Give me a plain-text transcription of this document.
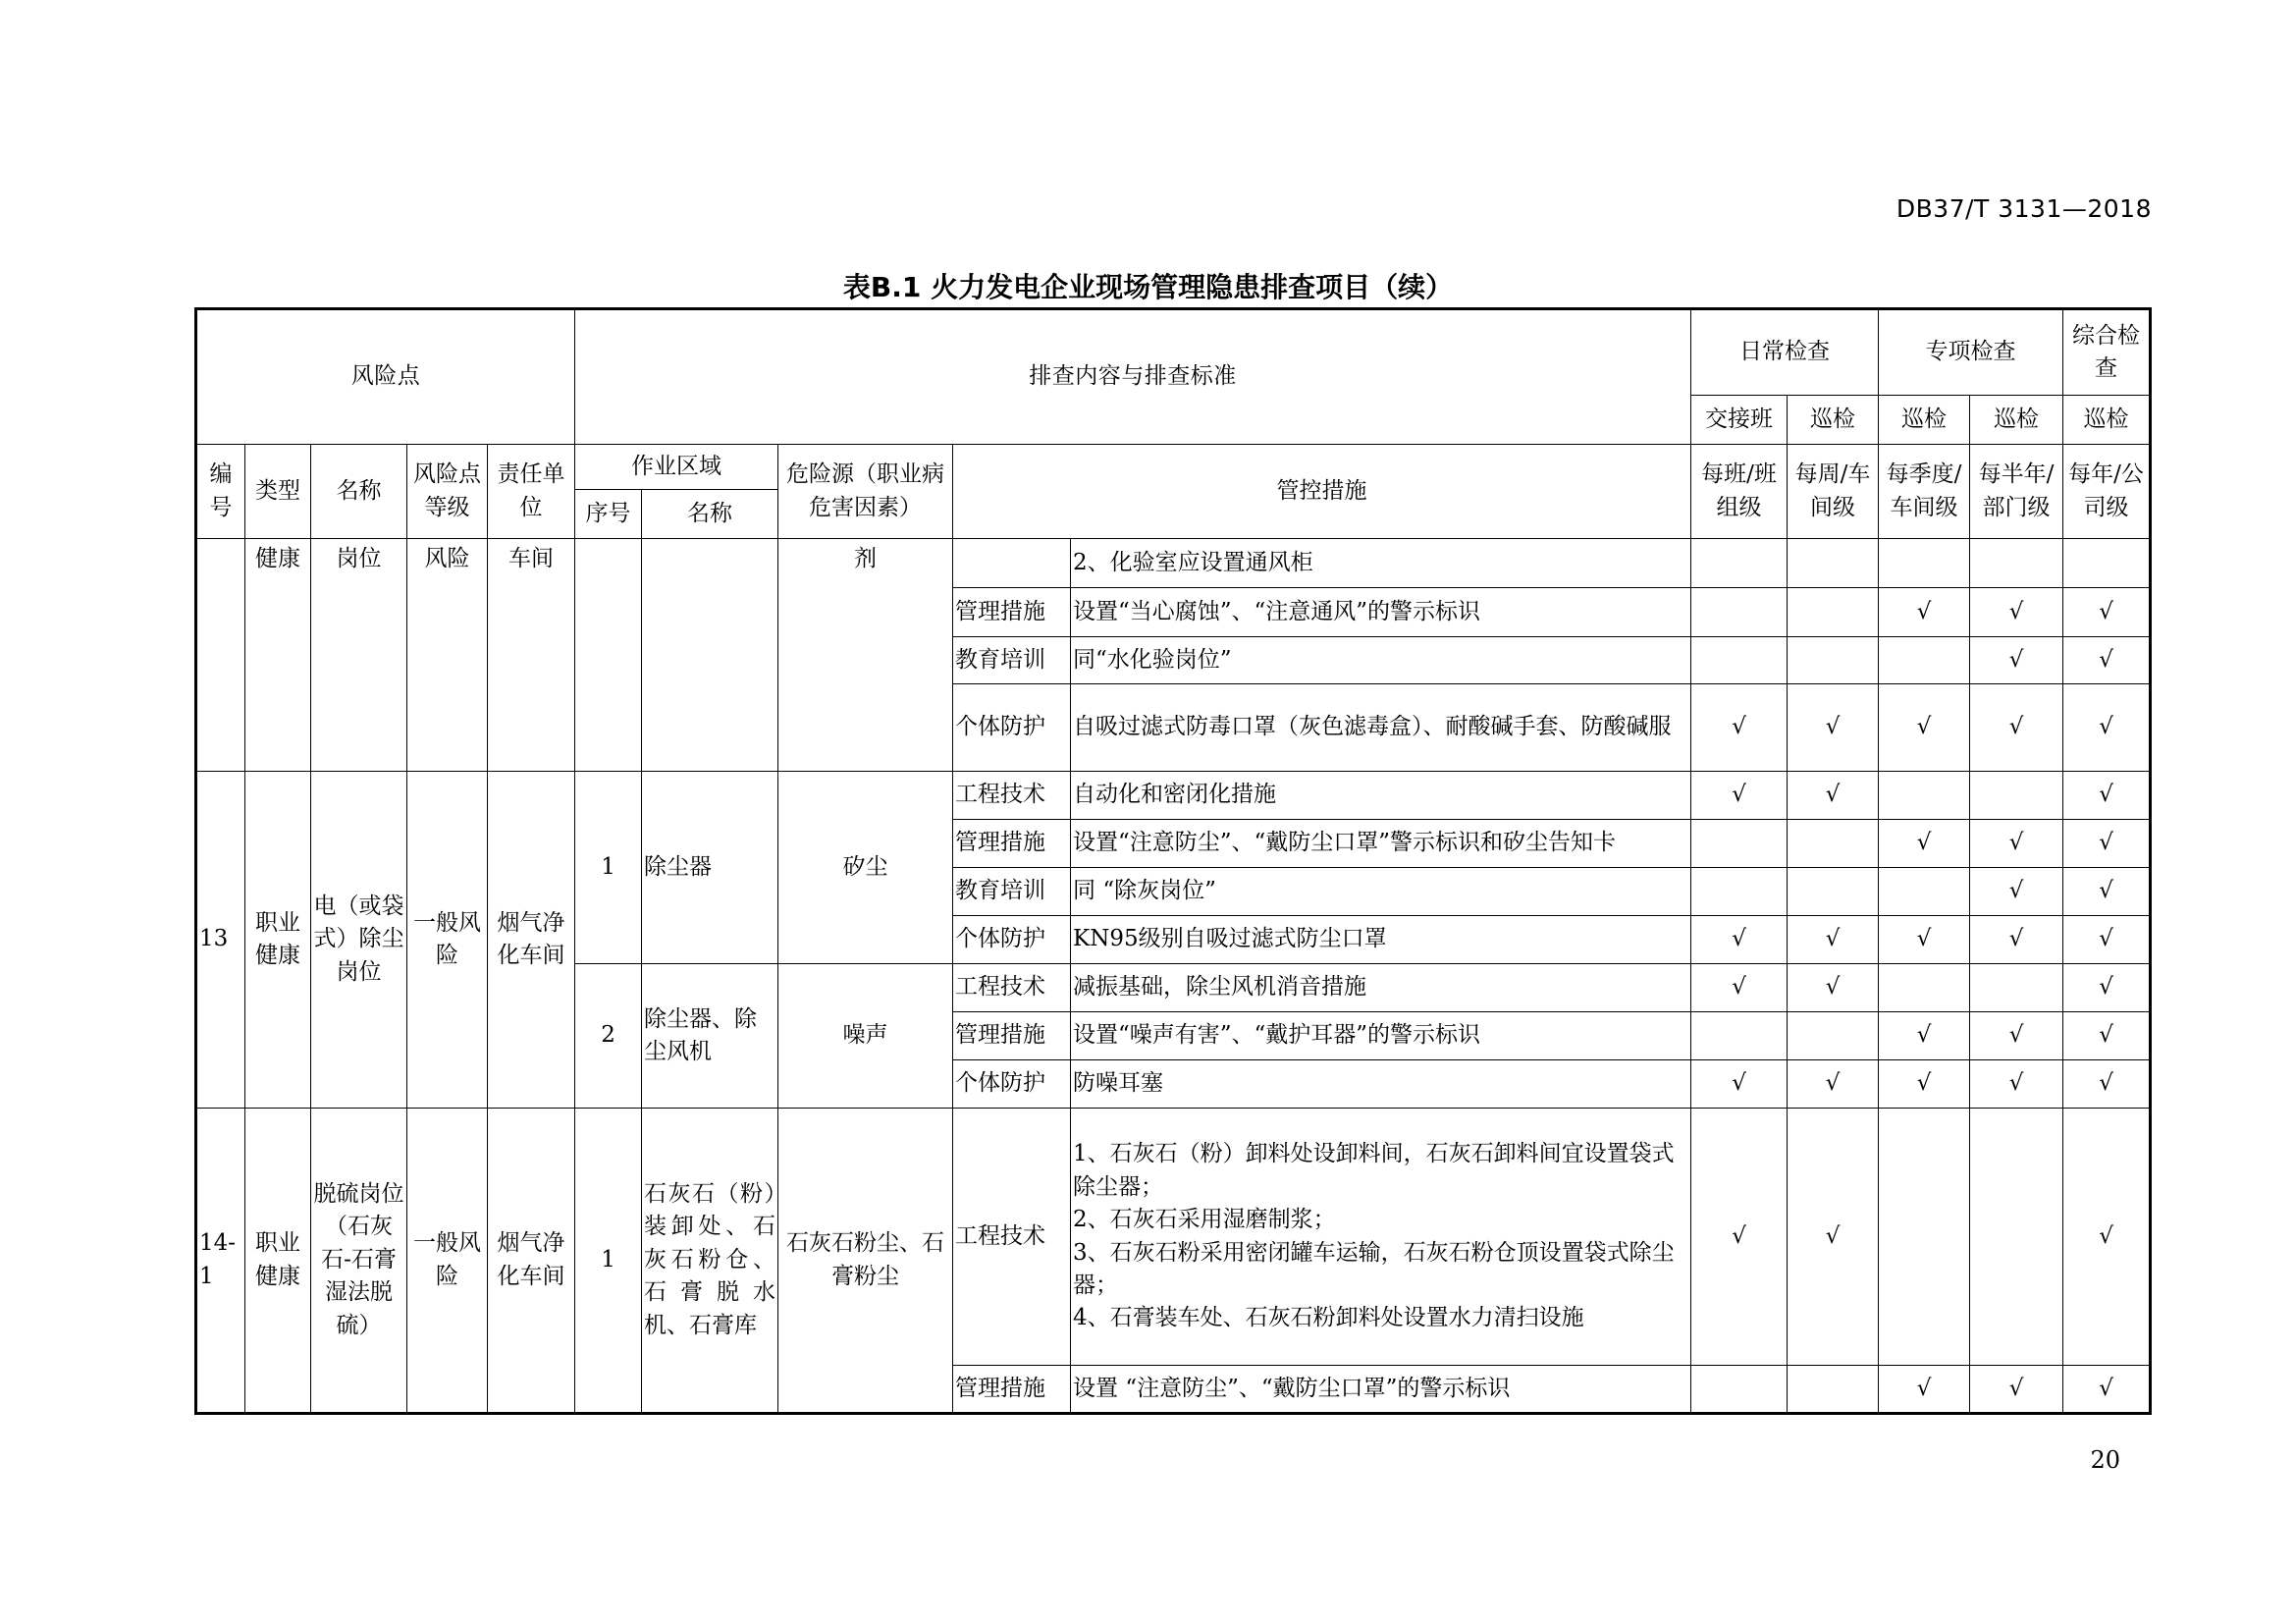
DB37/T 3131—2018
表B.1 火力发电企业现场管理隐患排查项目（续）
风险点					排查内容与排查标准					日常检查		专项检查		综合检查
										交接班	巡检	巡检	巡检	巡检
编号	类型	名称	风险点等级	责任单位	作业区域		危险源（职业病危害因素）	管控措施		每班/班组级	每周/车间级	每季度/车间级	每半年/部门级	每年/公司级
					序号	名称								
	健康	岗位	风险	车间			剂		2、化验室应设置通风柜					
								管理措施	设置“当心腐蚀”、“注意通风”的警示标识			√	√	√
								教育培训	同“水化验岗位”				√	√
								个体防护	自吸过滤式防毒口罩（灰色滤毒盒）、耐酸碱手套、防酸碱服	√	√	√	√	√
13	职业健康	电（或袋式）除尘岗位	一般风险	烟气净化车间	1	除尘器	矽尘	工程技术	自动化和密闭化措施	√	√			√
								管理措施	设置“注意防尘”、“戴防尘口罩”警示标识和矽尘告知卡			√	√	√
								教育培训	同 “除灰岗位”				√	√
								个体防护	KN95级别自吸过滤式防尘口罩	√	√	√	√	√
					2	除尘器、除尘风机	噪声	工程技术	减振基础，除尘风机消音措施	√	√			√
								管理措施	设置“噪声有害”、“戴护耳器”的警示标识			√	√	√
								个体防护	防噪耳塞	√	√	√	√	√
14-1	职业健康	脱硫岗位（石灰石-石膏湿法脱硫）	一般风险	烟气净化车间	1	石灰石（粉）装卸处、石灰石粉仓、石膏脱水机、石膏库	石灰石粉尘、石膏粉尘	工程技术	1、石灰石（粉）卸料处设卸料间，石灰石卸料间宜设置袋式除尘器；
2、石灰石采用湿磨制浆；
3、石灰石粉采用密闭罐车运输，石灰石粉仓顶设置袋式除尘器；
4、石膏装车处、石灰石粉卸料处设置水力清扫设施	√	√			√
								管理措施	设置 “注意防尘”、“戴防尘口罩”的警示标识			√	√	√
20
